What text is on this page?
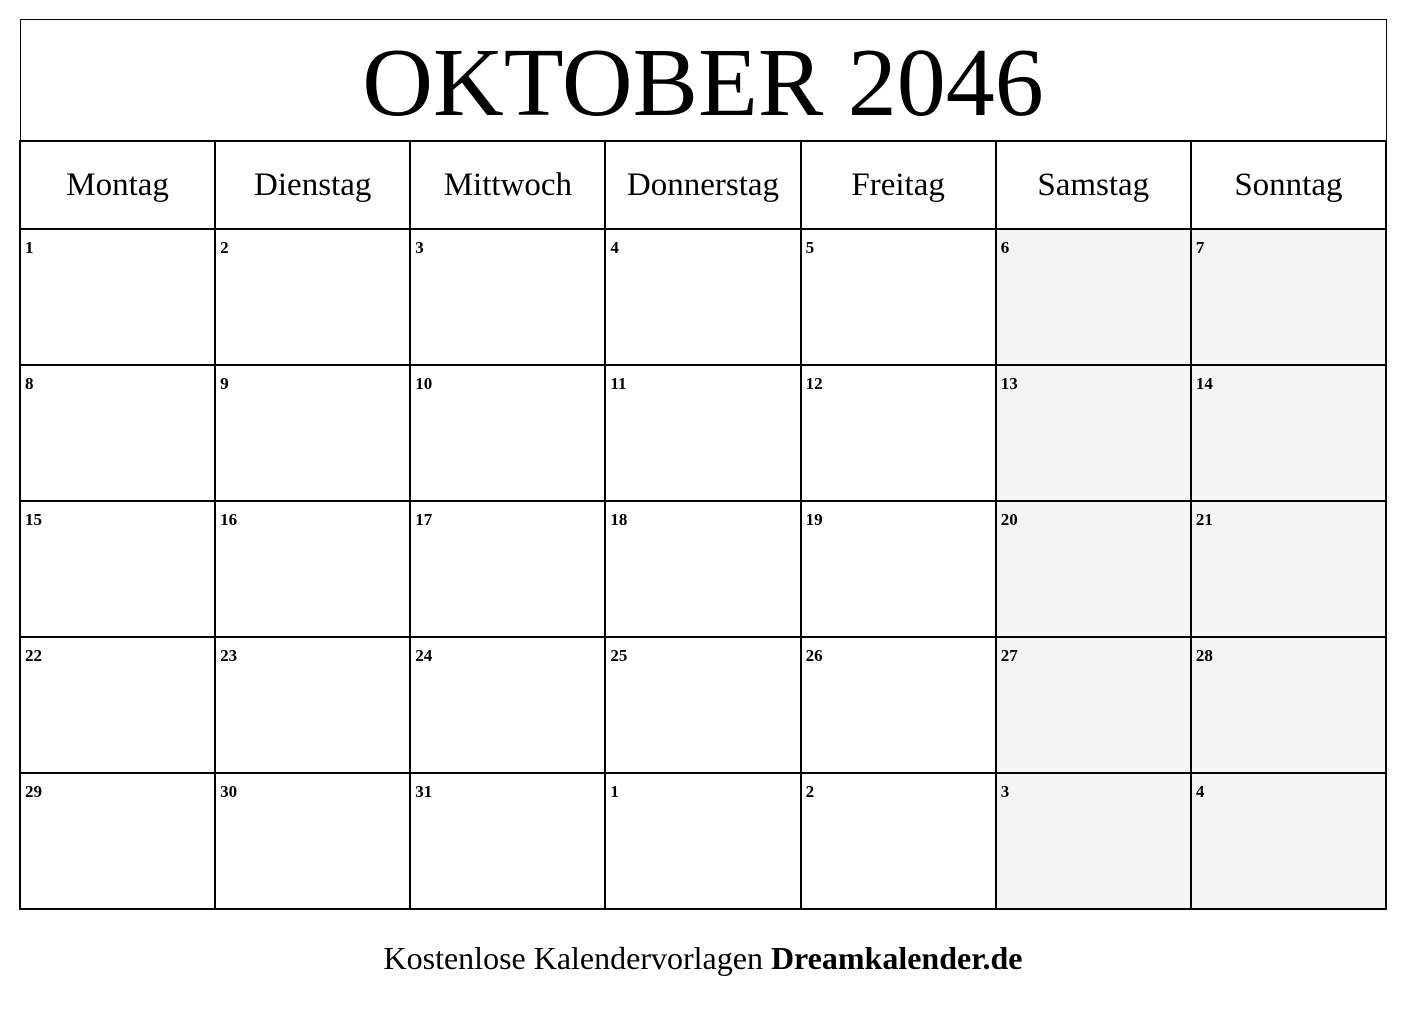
OKTOBER 2046						
Montag	Dienstag	Mittwoch	Donnerstag	Freitag	Samstag	Sonntag

1	2	3	4	5	6	7

8	9	10	11	12	13	14

15	16	17	18	19	20	21

22	23	24	25	26	27	28

29	30	31	1	2	3	4
Kostenlose Kalendervorlagen Dreamkalender.de
